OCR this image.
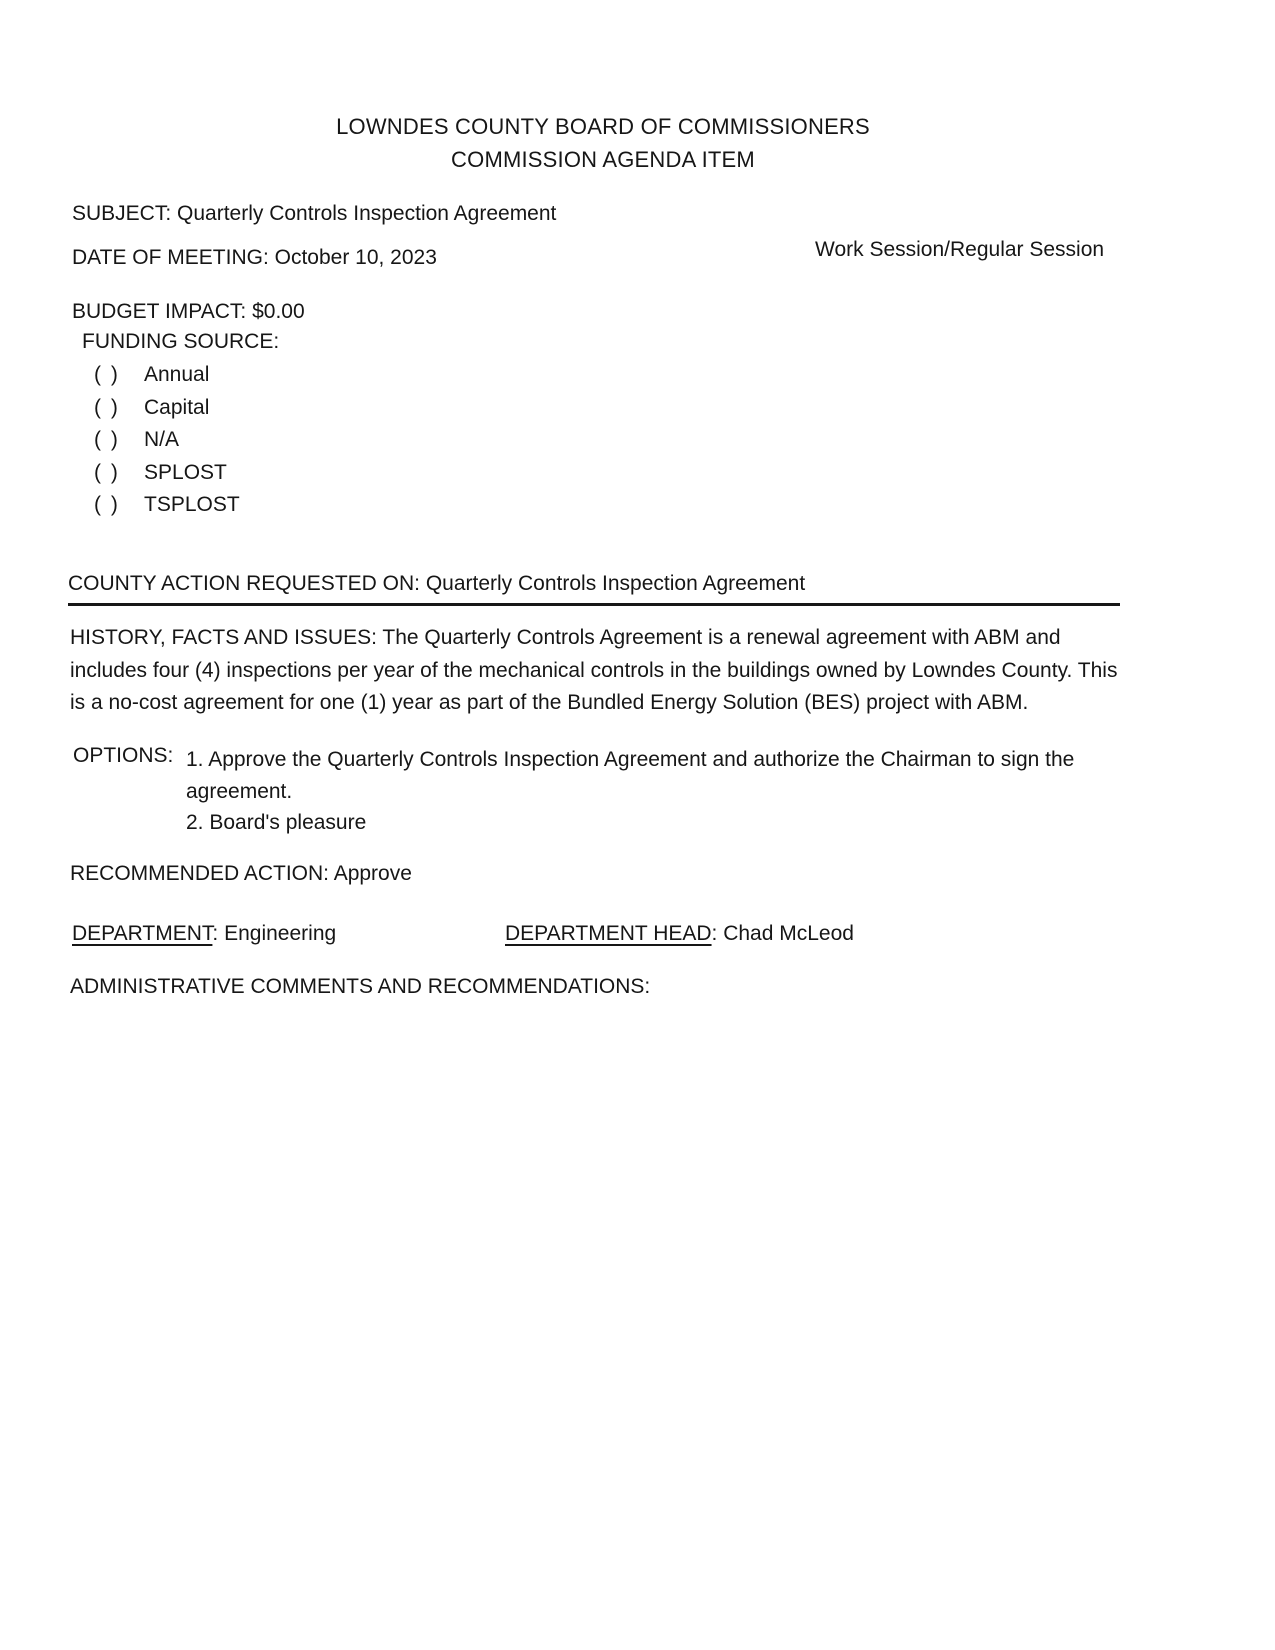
LOWNDES COUNTY BOARD OF COMMISSIONERS
COMMISSION AGENDA ITEM
SUBJECT: Quarterly Controls Inspection Agreement
DATE OF MEETING: October 10, 2023	Work Session/Regular Session
BUDGET IMPACT: $0.00
FUNDING SOURCE:
( )	Annual
( )	Capital
( )	N/A
( )	SPLOST
( )	TSPLOST
COUNTY ACTION REQUESTED ON: Quarterly Controls Inspection Agreement
HISTORY, FACTS AND ISSUES: The Quarterly Controls Agreement is a renewal agreement with ABM and includes four (4) inspections per year of the mechanical controls in the buildings owned by Lowndes County. This is a no-cost agreement for one (1) year as part of the Bundled Energy Solution (BES) project with ABM.
OPTIONS: 1. Approve the Quarterly Controls Inspection Agreement and authorize the Chairman to sign the agreement.
2. Board's pleasure
RECOMMENDED ACTION: Approve
DEPARTMENT: Engineering	DEPARTMENT HEAD: Chad McLeod
ADMINISTRATIVE COMMENTS AND RECOMMENDATIONS:
